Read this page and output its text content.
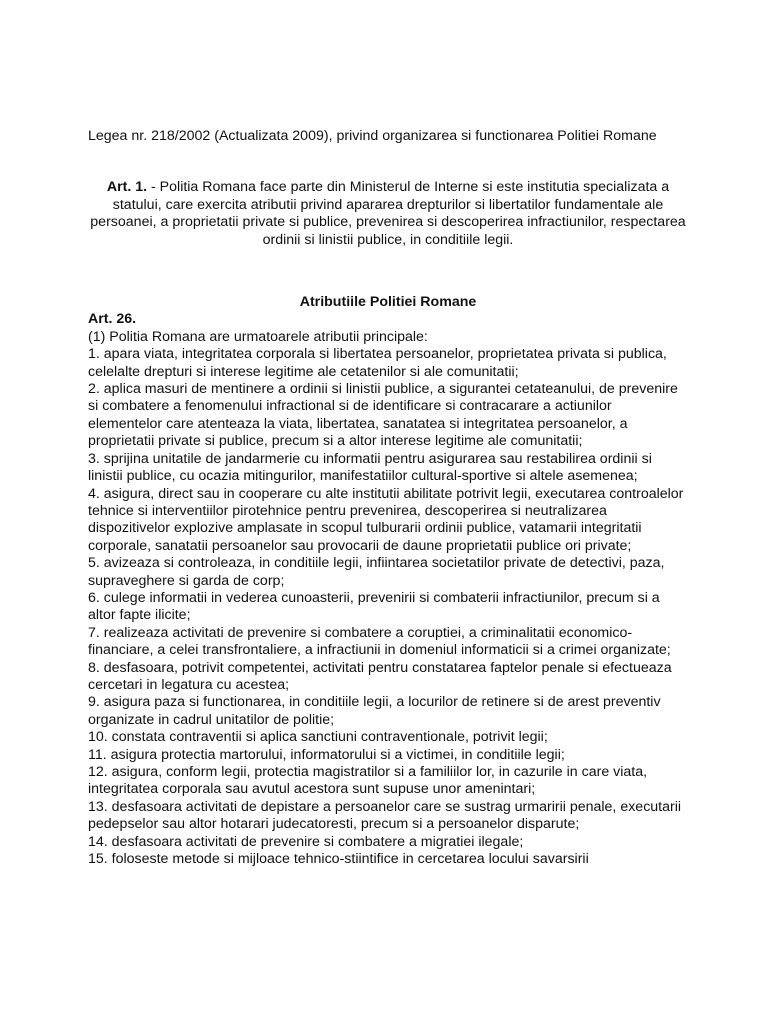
Legea nr. 218/2002 (Actualizata 2009), privind organizarea si functionarea Politiei Romane

Art. 1. - Politia Romana face parte din Ministerul de Interne si este institutia specializata a statului, care exercita atributii privind apararea drepturilor si libertatilor fundamentale ale persoanei, a proprietatii private si publice, prevenirea si descoperirea infractiunilor, respectarea ordinii si linistii publice, in conditiile legii.

Atributiile Politiei Romane

Art. 26.

(1) Politia Romana are urmatoarele atributii principale:

1. apara viata, integritatea corporala si libertatea persoanelor, proprietatea privata si publica, celelalte drepturi si interese legitime ale cetatenilor si ale comunitatii;
2. aplica masuri de mentinere a ordinii si linistii publice, a sigurantei cetateanului, de prevenire si combatere a fenomenului infractional si de identificare si contracarare a actiunilor elementelor care atenteaza la viata, libertatea, sanatatea si integritatea persoanelor, a proprietatii private si publice, precum si a altor interese legitime ale comunitatii;
3. sprijina unitatile de jandarmerie cu informatii pentru asigurarea sau restabilirea ordinii si linistii publice, cu ocazia mitingurilor, manifestatiilor cultural-sportive si altele asemenea;
4. asigura, direct sau in cooperare cu alte institutii abilitate potrivit legii, executarea controalelor tehnice si interventiilor pirotehnice pentru prevenirea, descoperirea si neutralizarea dispozitivelor explozive amplasate in scopul tulburarii ordinii publice, vatamarii integritatii corporale, sanatatii persoanelor sau provocarii de daune proprietatii publice ori private;
5. avizeaza si controleaza, in conditiile legii, infiintarea societatilor private de detectivi, paza, supraveghere si garda de corp;
6. culege informatii in vederea cunoasterii, prevenirii si combaterii infractiunilor, precum si a altor fapte ilicite;
7. realizeaza activitati de prevenire si combatere a coruptiei, a criminalitatii economico-financiare, a celei transfrontaliere, a infractiunii in domeniul informaticii si a crimei organizate;
8. desfasoara, potrivit competentei, activitati pentru constatarea faptelor penale si efectueaza cercetari in legatura cu acestea;
9. asigura paza si functionarea, in conditiile legii, a locurilor de retinere si de arest preventiv organizate in cadrul unitatilor de politie;
10. constata contraventii si aplica sanctiuni contraventionale, potrivit legii;
11. asigura protectia martorului, informatorului si a victimei, in conditiile legii;
12. asigura, conform legii, protectia magistratilor si a familiilor lor, in cazurile in care viata, integritatea corporala sau avutul acestora sunt supuse unor amenintari;
13. desfasoara activitati de depistare a persoanelor care se sustrag urmaririi penale, executarii pedepselor sau altor hotarari judecatoresti, precum si a persoanelor disparute;
14. desfasoara activitati de prevenire si combatere a migratiei ilegale;
15. foloseste metode si mijloace tehnico-stiintifice in cercetarea locului savarsirii
